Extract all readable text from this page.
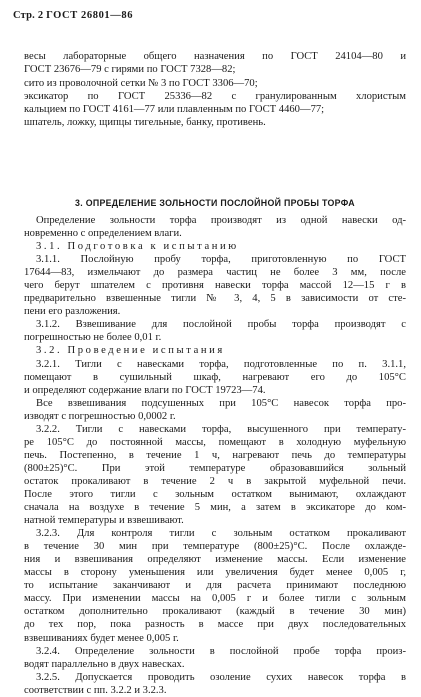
Стр. 2 ГОСТ 26801—86
весы лабораторные общего назначения по ГОСТ 24104—80 и
ГОСТ 23676—79 с гирями по ГОСТ 7328—82;
сито из проволочной сетки № 3 по ГОСТ 3306—70;
эксикатор по ГОСТ 25336—82 с гранулированным хлористым
кальцием по ГОСТ 4161—77 или плавленным по ГОСТ 4460—77;
шпатель, ложку, щипцы тигельные, банку, противень.
3. ОПРЕДЕЛЕНИЕ ЗОЛЬНОСТИ ПОСЛОЙНОЙ ПРОБЫ ТОРФА
Определение зольности торфа производят из одной навески од-
новременно с определением влаги.
3.1. Подготовка к испытанию
3.1.1. Послойную пробу торфа, приготовленную по ГОСТ
17644—83, измельчают до размера частиц не более 3 мм, после
чего берут шпателем с противня навески торфа массой 12—15 г в
предварительно взвешенные тигли № 3, 4, 5 в зависимости от сте-
пени его разложения.
3.1.2. Взвешивание для послойной пробы торфа производят с
погрешностью не более 0,01 г.
3.2. Проведение испытания
3.2.1. Тигли с навесками торфа, подготовленные по п. 3.1.1,
помещают в сушильный шкаф, нагревают его до 105°C
и определяют содержание влаги по ГОСТ 19723—74.
Все взвешивания подсушенных при 105°C навесок торфа про-
изводят с погрешностью 0,0002 г.
3.2.2. Тигли с навесками торфа, высушенного при температу-
ре 105°C до постоянной массы, помещают в холодную муфельную
печь. Постепенно, в течение 1 ч, нагревают печь до температуры
(800±25)°C. При этой температуре образовавшийся зольный
остаток прокаливают в течение 2 ч в закрытой муфельной печи.
После этого тигли с зольным остатком вынимают, охлаждают
сначала на воздухе в течение 5 мин, а затем в эксикаторе до ком-
натной температуры и взвешивают.
3.2.3. Для контроля тигли с зольным остатком прокаливают
в течение 30 мин при температуре (800±25)°C. После охлажде-
ния и взвешивания определяют изменение массы. Если изменение
массы в сторону уменьшения или увеличения будет менее 0,005 г,
то испытание заканчивают и для расчета принимают последнюю
массу. При изменении массы на 0,005 г и более тигли с зольным
остатком дополнительно прокаливают (каждый в течение 30 мин)
до тех пор, пока разность в массе при двух последовательных
взвешиваниях будет менее 0,005 г.
3.2.4. Определение зольности в послойной пробе торфа произ-
водят параллельно в двух навесках.
3.2.5. Допускается проводить озоление сухих навесок торфа в
соответствии с пп. 3.2.2 и 3.2.3.
